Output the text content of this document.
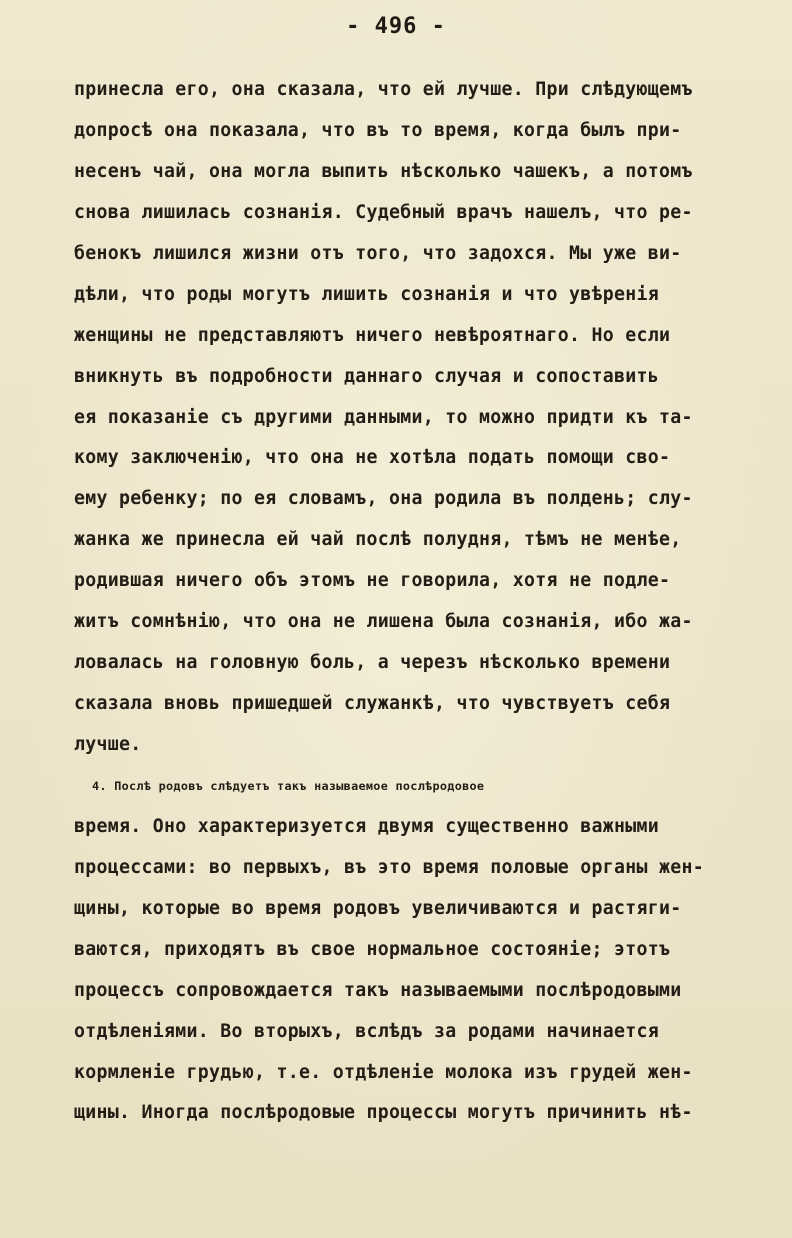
- 496 -
принесла его, она сказала, что ей лучше. При слѣдующемъ
допросѣ она показала, что въ то время, когда былъ при-
несенъ чай, она могла выпить нѣсколько чашекъ, а потомъ
снова лишилась сознанія. Судебный врачъ нашелъ, что ре-
бенокъ лишился жизни отъ того, что задохся. Мы уже ви-
дѣли, что роды могутъ лишить сознанія и что увѣренія
женщины не представляютъ ничего невѣроятнаго. Но если
вникнуть въ подробности даннаго случая и сопоставить
ея показаніе съ другими данными, то можно придти къ та-
кому заключенію, что она не хотѣла подать помощи сво-
ему ребенку; по ея словамъ, она родила въ полдень; слу-
жанка же принесла ей чай послѣ полудня, тѣмъ не менѣе,
родившая ничего объ этомъ не говорила, хотя не подле-
житъ сомнѣнію, что она не лишена была сознанія, ибо жа-
ловалась на головную боль, а черезъ нѣсколько времени
сказала вновь пришедшей служанкѣ, что чувствуетъ себя
лучше.
4. Послѣ родовъ слѣдуетъ такъ называемое послѣродовое
время. Оно характеризуется двумя существенно важными
процессами: во первыхъ, въ это время половые органы жен-
щины, которые во время родовъ увеличиваются и растяги-
ваются, приходятъ въ свое нормальное состояніе; этотъ
процессъ сопровождается такъ называемыми послѣродовыми
отдѣленіями. Во вторыхъ, вслѣдъ за родами начинается
кормленіе грудью, т.е. отдѣленіе молока изъ грудей жен-
щины. Иногда послѣродовые процессы могутъ причинить нѣ-
